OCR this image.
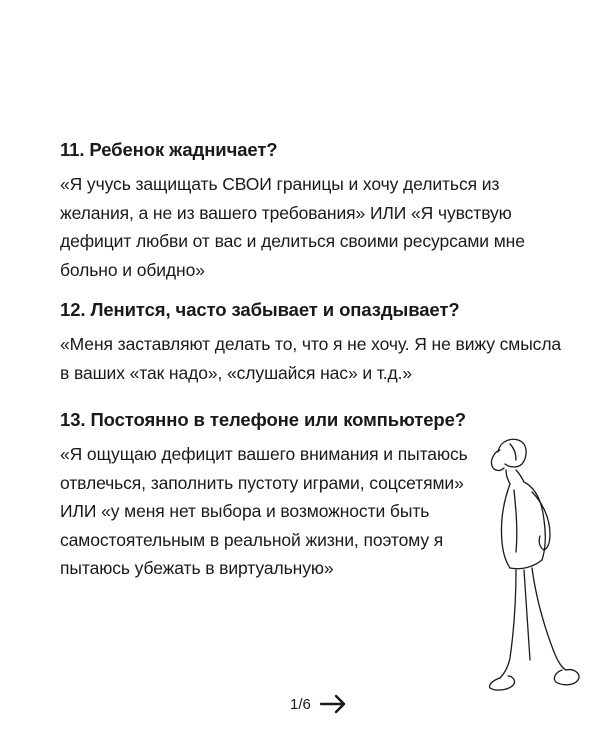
11. Ребенок жадничает?

«Я учусь защищать СВОИ границы и хочу делиться из желания, а не из вашего требования» ИЛИ «Я чувствую дефицит любви от вас и делиться своими ресурсами мне больно и обидно»

12. Ленится, часто забывает и опаздывает?

«Меня заставляют делать то, что я не хочу. Я не вижу смысла в ваших «так надо», «слушайся нас» и т.д.»

13. Постоянно в телефоне или компьютере?

«Я ощущаю дефицит вашего внимания и пытаюсь отвлечься, заполнить пустоту играми, соцсетями» ИЛИ «у меня нет выбора и возможности быть самостоятельным в реальной жизни, поэтому я пытаюсь убежать в виртуальную»

1/6
